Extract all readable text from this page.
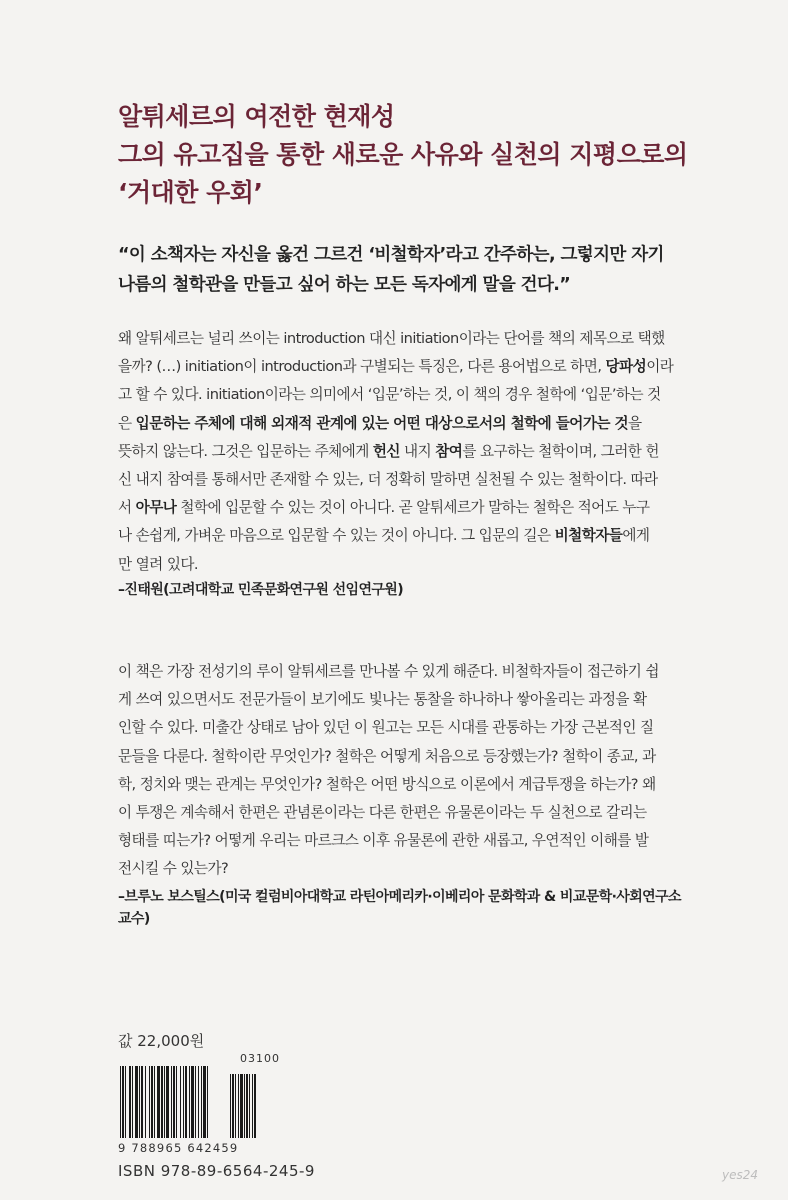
알튀세르의 여전한 현재성
그의 유고집을 통한 새로운 사유와 실천의 지평으로의
‘거대한 우회’
“이 소책자는 자신을 옳건 그르건 ‘비철학자’라고 간주하는, 그렇지만 자기
나름의 철학관을 만들고 싶어 하는 모든 독자에게 말을 건다.”
왜 알튀세르는 널리 쓰이는 introduction 대신 initiation이라는 단어를 책의 제목으로 택했
을까? (…) initiation이 introduction과 구별되는 특징은, 다른 용어법으로 하면, 당파성이라
고 할 수 있다. initiation이라는 의미에서 ‘입문’하는 것, 이 책의 경우 철학에 ‘입문’하는 것
은 입문하는 주체에 대해 외재적 관계에 있는 어떤 대상으로서의 철학에 들어가는 것을
뜻하지 않는다. 그것은 입문하는 주체에게 헌신 내지 참여를 요구하는 철학이며, 그러한 헌
신 내지 참여를 통해서만 존재할 수 있는, 더 정확히 말하면 실천될 수 있는 철학이다. 따라
서 아무나 철학에 입문할 수 있는 것이 아니다. 곧 알튀세르가 말하는 철학은 적어도 누구
나 손쉽게, 가벼운 마음으로 입문할 수 있는 것이 아니다. 그 입문의 길은 비철학자들에게
만 열려 있다.
–진태원(고려대학교 민족문화연구원 선임연구원)
이 책은 가장 전성기의 루이 알튀세르를 만나볼 수 있게 해준다. 비철학자들이 접근하기 쉽
게 쓰여 있으면서도 전문가들이 보기에도 빛나는 통찰을 하나하나 쌓아올리는 과정을 확
인할 수 있다. 미출간 상태로 남아 있던 이 원고는 모든 시대를 관통하는 가장 근본적인 질
문들을 다룬다. 철학이란 무엇인가? 철학은 어떻게 처음으로 등장했는가? 철학이 종교, 과
학, 정치와 맺는 관계는 무엇인가? 철학은 어떤 방식으로 이론에서 계급투쟁을 하는가? 왜
이 투쟁은 계속해서 한편은 관념론이라는 다른 한편은 유물론이라는 두 실천으로 갈리는
형태를 띠는가? 어떻게 우리는 마르크스 이후 유물론에 관한 새롭고, 우연적인 이해를 발
전시킬 수 있는가?
–브루노 보스틸스(미국 컬럼비아대학교 라틴아메리카·이베리아 문화학과 & 비교문학·사회연구소
교수)
값 22,000원
03100
9 788965 642459
ISBN 978-89-6564-245-9	yes24
